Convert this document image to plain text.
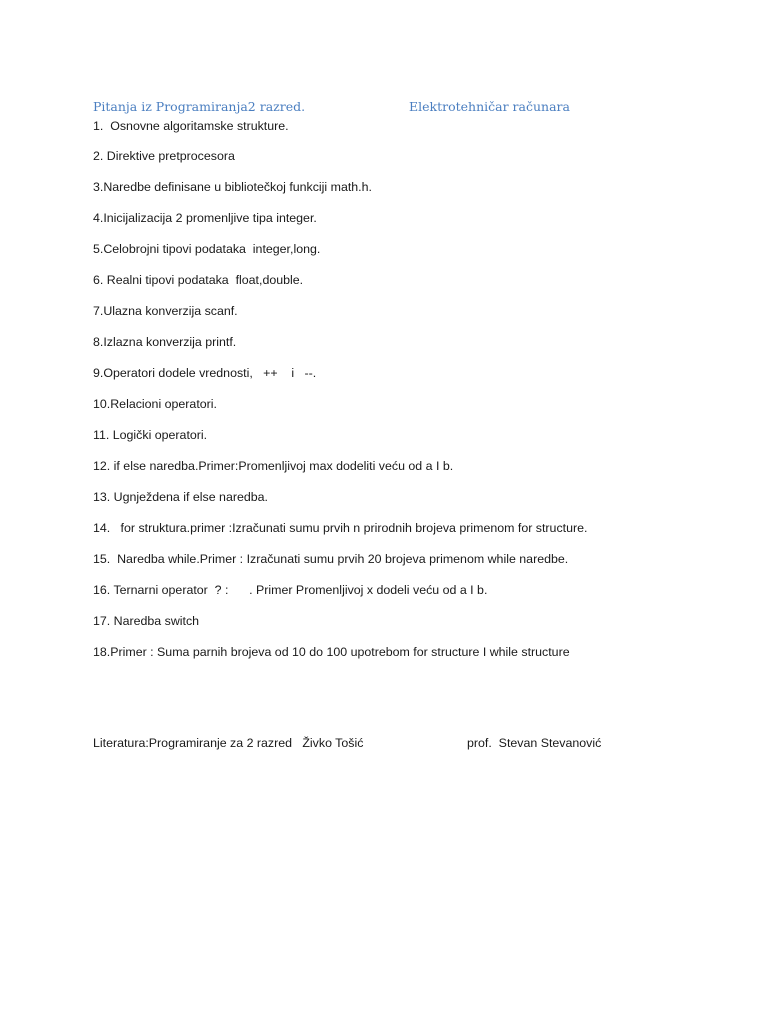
Pitanja iz Programiranja2 razred.	Elektrotehničar računara
1.  Osnovne algoritamske strukture.
2. Direktive pretprocesora
3.Naredbe definisane u bibliotečkoj funkciji math.h.
4.Inicijalizacija 2 promenljive tipa integer.
5.Celobrojni tipovi podataka  integer,long.
6. Realni tipovi podataka  float,double.
7.Ulazna konverzija scanf.
8.Izlazna konverzija printf.
9.Operatori dodele vrednosti,   ++    i   --.
10.Relacioni operatori.
11. Logički operatori.
12. if else naredba.Primer:Promenljivoj max dodeliti veću od a I b.
13. Ugnježdena if else naredba.
14.   for struktura.primer :Izračunati sumu prvih n prirodnih brojeva primenom for structure.
15.  Naredba while.Primer : Izračunati sumu prvih 20 brojeva primenom while naredbe.
16. Ternarni operator  ? :      . Primer Promenljivoj x dodeli veću od a I b.
17. Naredba switch
18.Primer : Suma parnih brojeva od 10 do 100 upotrebom for structure I while structure
Literatura:Programiranje za 2 razred   Živko Tošić	prof.  Stevan Stevanović
